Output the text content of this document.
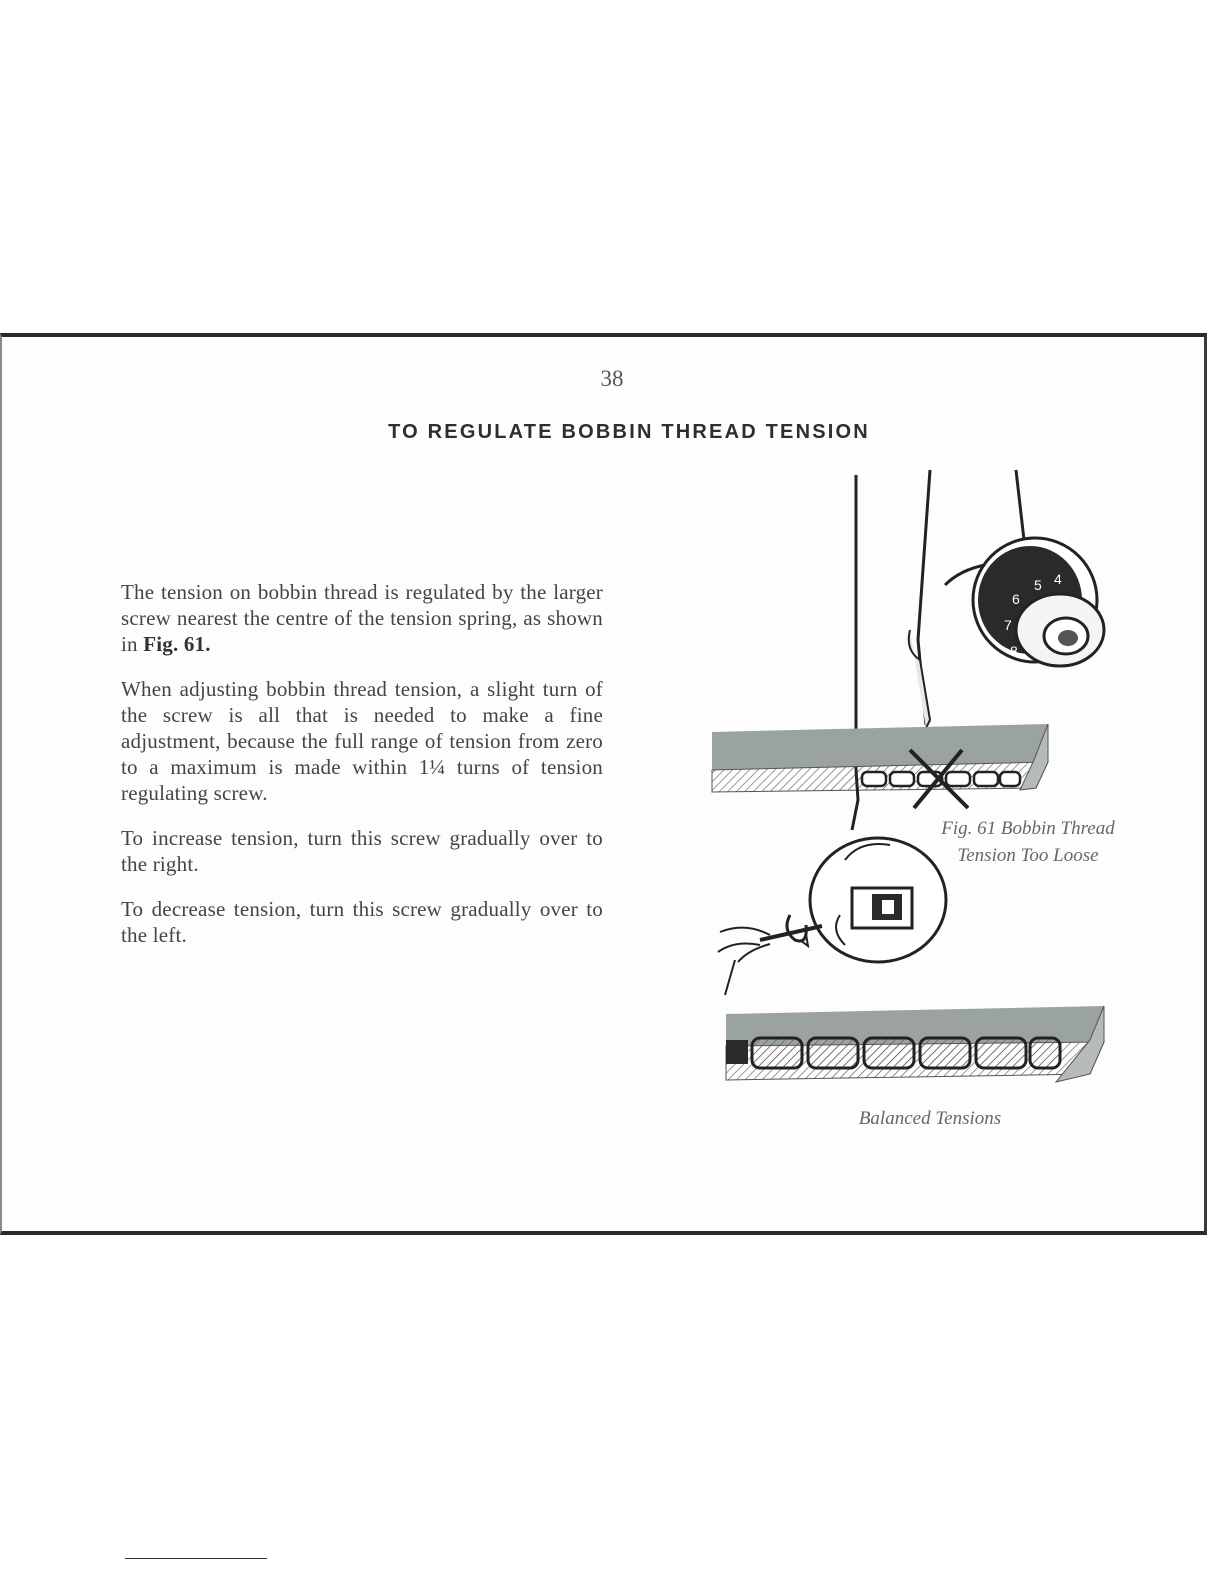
38
TO REGULATE BOBBIN THREAD TENSION

The tension on bobbin thread is regulated by the larger screw nearest the centre of the tension spring, as shown in Fig. 61.

When adjusting bobbin thread tension, a slight turn of the screw is all that is needed to make a fine adjustment, because the full range of tension from zero to a maximum is made within 1¼ turns of tension regulating screw.

To increase tension, turn this screw gradually over to the right.

To decrease tension, turn this screw gradually over to the left.

6
5 4
7
8
Fig. 61 Bobbin Thread
Tension Too Loose
Balanced Tensions
